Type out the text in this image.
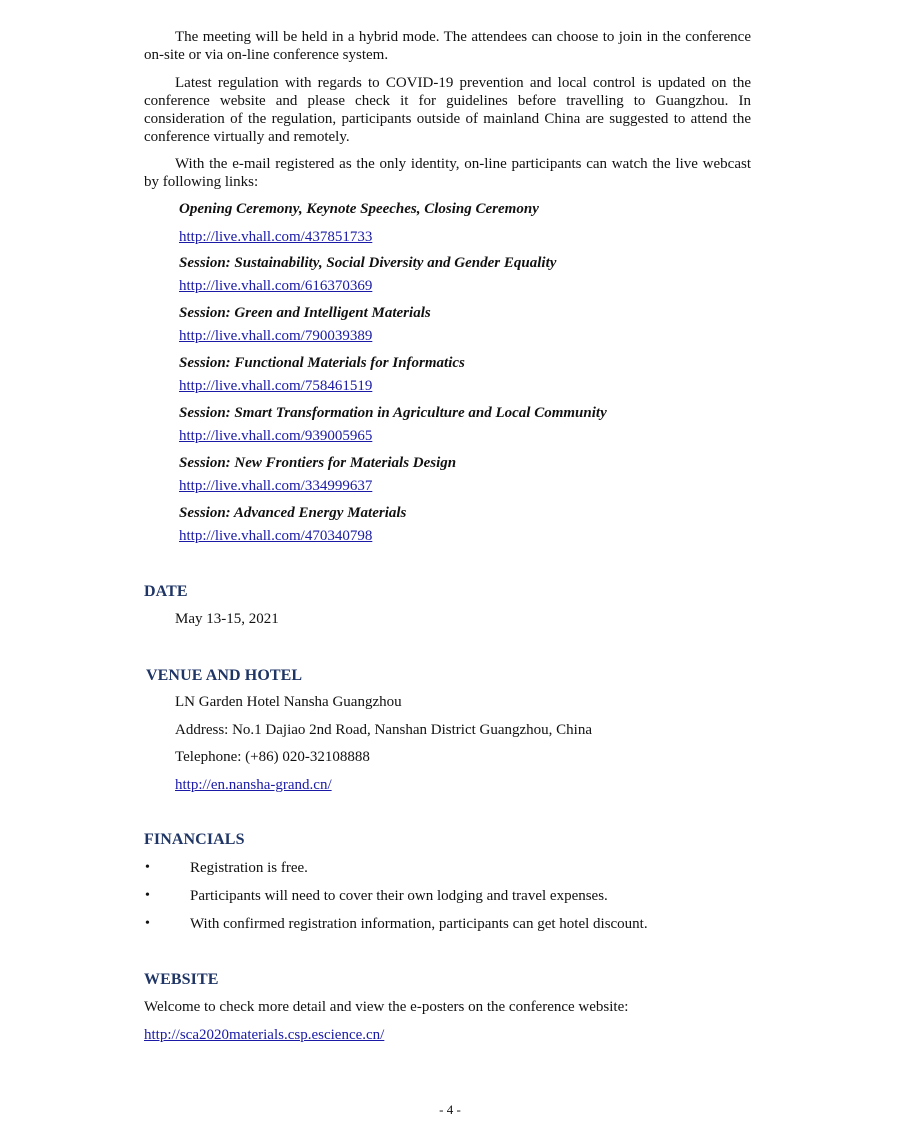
The meeting will be held in a hybrid mode. The attendees can choose to join in the conference on-site or via on-line conference system.

Latest regulation with regards to COVID-19 prevention and local control is updated on the conference website and please check it for guidelines before travelling to Guangzhou. In consideration of the regulation, participants outside of mainland China are suggested to attend the conference virtually and remotely.

With the e-mail registered as the only identity, on-line participants can watch the live webcast by following links:

Opening Ceremony, Keynote Speeches, Closing Ceremony
http://live.vhall.com/437851733
Session: Sustainability, Social Diversity and Gender Equality
http://live.vhall.com/616370369
Session: Green and Intelligent Materials
http://live.vhall.com/790039389
Session: Functional Materials for Informatics
http://live.vhall.com/758461519
Session: Smart Transformation in Agriculture and Local Community
http://live.vhall.com/939005965
Session: New Frontiers for Materials Design
http://live.vhall.com/334999637
Session: Advanced Energy Materials
http://live.vhall.com/470340798
DATE
May 13-15, 2021
VENUE AND HOTEL
LN Garden Hotel Nansha Guangzhou
Address: No.1 Dajiao 2nd Road, Nanshan District Guangzhou, China
Telephone: (+86) 020-32108888
http://en.nansha-grand.cn/
FINANCIALS
•	Registration is free.
•	Participants will need to cover their own lodging and travel expenses.
•	With confirmed registration information, participants can get hotel discount.
WEBSITE
Welcome to check more detail and view the e-posters on the conference website:
http://sca2020materials.csp.escience.cn/
- 4 -
